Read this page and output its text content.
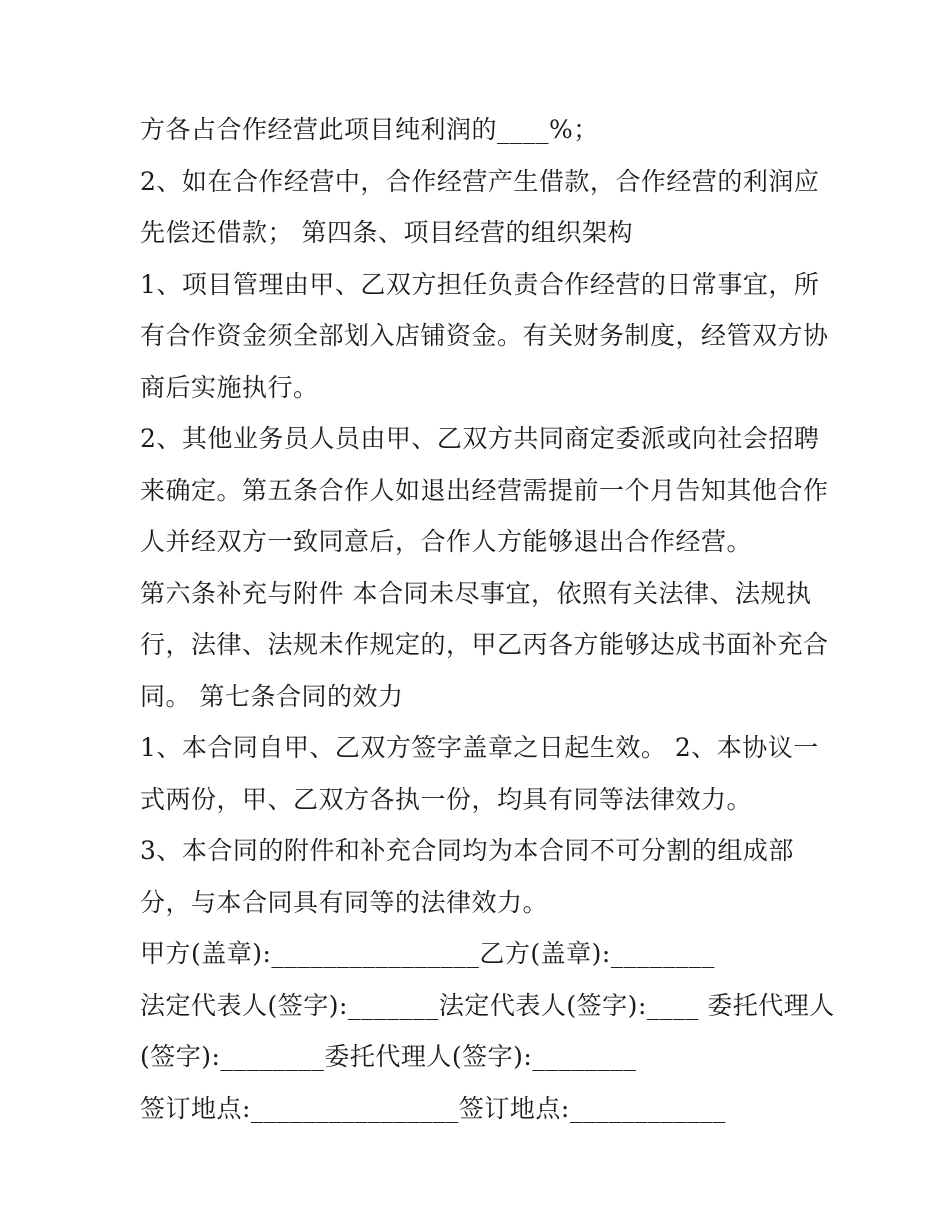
方各占合作经营此项目纯利润的____%；
2、如在合作经营中，合作经营产生借款，合作经营的利润应
先偿还借款； 第四条、项目经营的组织架构
1、项目管理由甲、乙双方担任负责合作经营的日常事宜，所
有合作资金须全部划入店铺资金。有关财务制度，经管双方协
商后实施执行。
2、其他业务员人员由甲、乙双方共同商定委派或向社会招聘
来确定。第五条合作人如退出经营需提前一个月告知其他合作
人并经双方一致同意后，合作人方能够退出合作经营。
第六条补充与附件 本合同未尽事宜，依照有关法律、法规执
行，法律、法规未作规定的，甲乙丙各方能够达成书面补充合
同。 第七条合同的效力
1、本合同自甲、乙双方签字盖章之日起生效。 2、本协议一
式两份，甲、乙双方各执一份，均具有同等法律效力。
3、本合同的附件和补充合同均为本合同不可分割的组成部
分，与本合同具有同等的法律效力。
甲方(盖章):________________乙方(盖章):________
法定代表人(签字):_______法定代表人(签字):____ 委托代理人
(签字):________委托代理人(签字):________
签订地点:________________签订地点:____________
